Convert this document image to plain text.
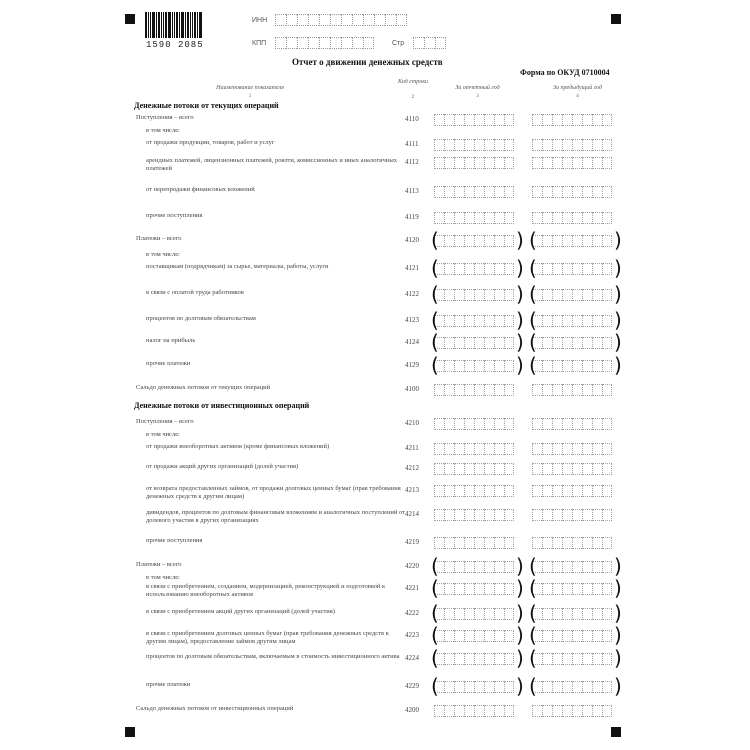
1590 2085
ИНН
КПП	Стр
Отчет о движении денежных средств
Форма по ОКУД 0710004
Наименование показателя
1
Код строки
2
За отчетный год
3
За предыдущий год
4
Денежные потоки от текущих операций
Поступления – всего	4110
в том числе:
от продажи продукции, товаров, работ и услуг	4111
арендных платежей, лицензионных платежей, роялти, комиссионных и иных аналогичных платежей
4112
от перепродажи финансовых вложений	4113
прочие поступления	4119
Платежи – всего	4120 (	) (	)
в том числе:
поставщикам (подрядчикам) за сырье, материалы, работы, услуги	4121 (	) (	)
в связи с оплатой труда работников	4122 (	) (	)
процентов по долговым обязательствам	4123 (	) (	)
налог на прибыль	4124 (	) (	)
прочие платежи	4129 (	) (	)
Сальдо денежных потоков от текущих операций	4100
Денежные потоки от инвестиционных операций
Поступления – всего	4210
в том числе:
от продажи внеоборотных активов (кроме финансовых вложений)	4211
от продажи акций других организаций (долей участия)	4212
от возврата предоставленных займов, от продажи долговых ценных бумаг (прав требования денежных средств к другим лицам)
4213
дивидендов, процентов по долговым финансовым вложениям и аналогичных поступлений от долевого участия в других организациях
4214
прочие поступления	4219
Платежи – всего	4220 (	) (	)
в том числе:
в связи с приобретением, созданием, модернизацией, реконструкцией и подготовкой к использованию внеоборотных активов
4221 (	) (	)
в связи с приобретением акций других организаций (долей участия)	4222 (	) (	)
в связи с приобретением долговых ценных бумаг (прав требования денежных средств к другим лицам), предоставление займов другим лицам
4223 (	) (	)
процентов по долговым обязательствам, включаемым в стоимость инвестиционного актива 4224 (	) (	)
прочие платежи	4229 (	) (	)
Сальдо денежных потоков от инвестиционных операций	4200
